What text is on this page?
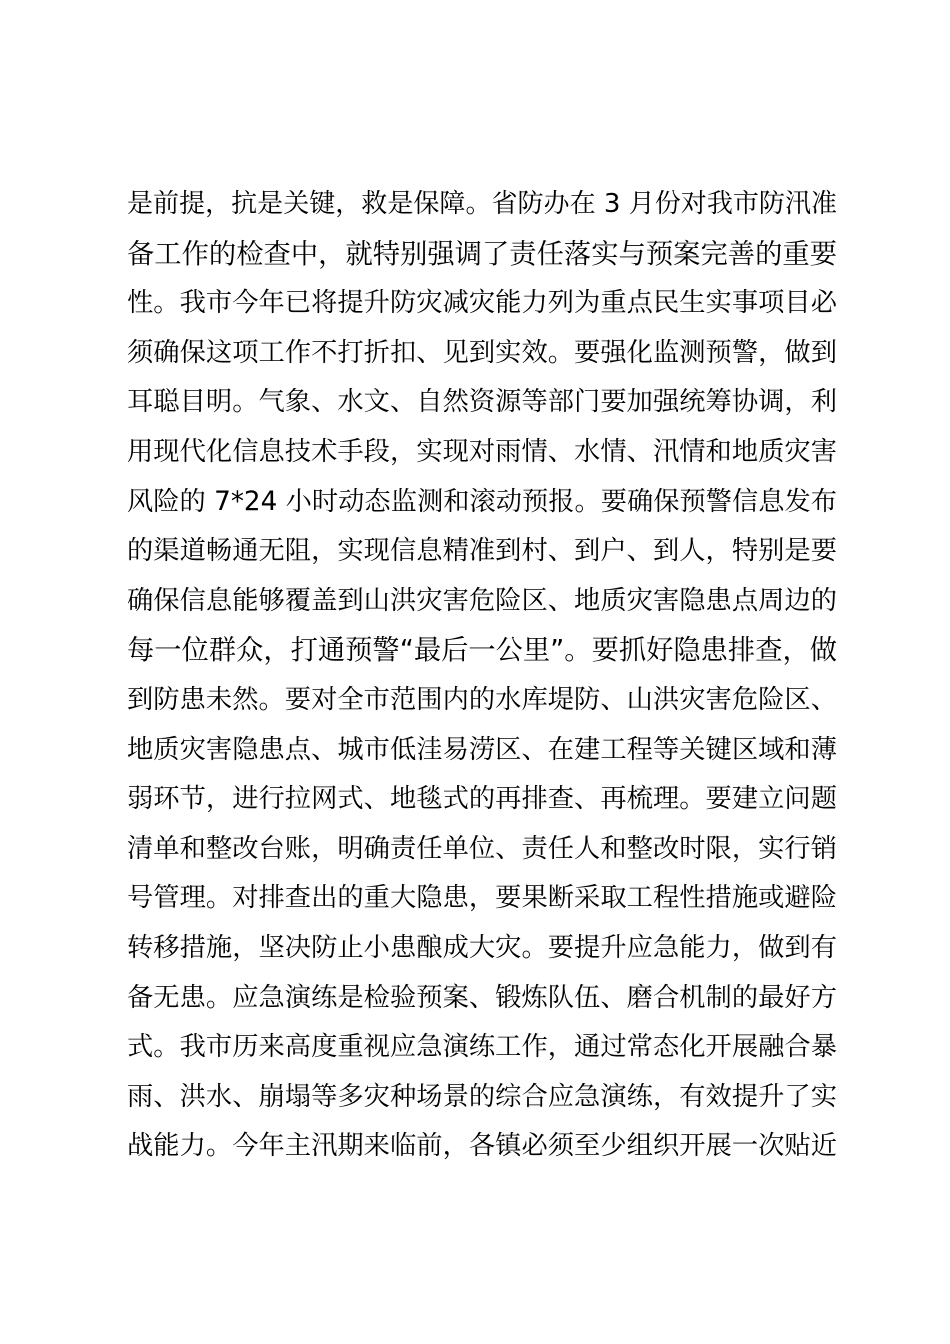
是前提，抗是关键，救是保障。省防办在 3 月份对我市防汛准
备工作的检查中，就特别强调了责任落实与预案完善的重要
性。我市今年已将提升防灾减灾能力列为重点民生实事项目必
须确保这项工作不打折扣、见到实效。要强化监测预警，做到
耳聪目明。气象、水文、自然资源等部门要加强统筹协调，利
用现代化信息技术手段，实现对雨情、水情、汛情和地质灾害
风险的 7*24 小时动态监测和滚动预报。要确保预警信息发布
的渠道畅通无阻，实现信息精准到村、到户、到人，特别是要
确保信息能够覆盖到山洪灾害危险区、地质灾害隐患点周边的
每一位群众，打通预警“最后一公里”。要抓好隐患排查，做
到防患未然。要对全市范围内的水库堤防、山洪灾害危险区、
地质灾害隐患点、城市低洼易涝区、在建工程等关键区域和薄
弱环节，进行拉网式、地毯式的再排查、再梳理。要建立问题
清单和整改台账，明确责任单位、责任人和整改时限，实行销
号管理。对排查出的重大隐患，要果断采取工程性措施或避险
转移措施，坚决防止小患酿成大灾。要提升应急能力，做到有
备无患。应急演练是检验预案、锻炼队伍、磨合机制的最好方
式。我市历来高度重视应急演练工作，通过常态化开展融合暴
雨、洪水、崩塌等多灾种场景的综合应急演练，有效提升了实
战能力。今年主汛期来临前，各镇必须至少组织开展一次贴近
